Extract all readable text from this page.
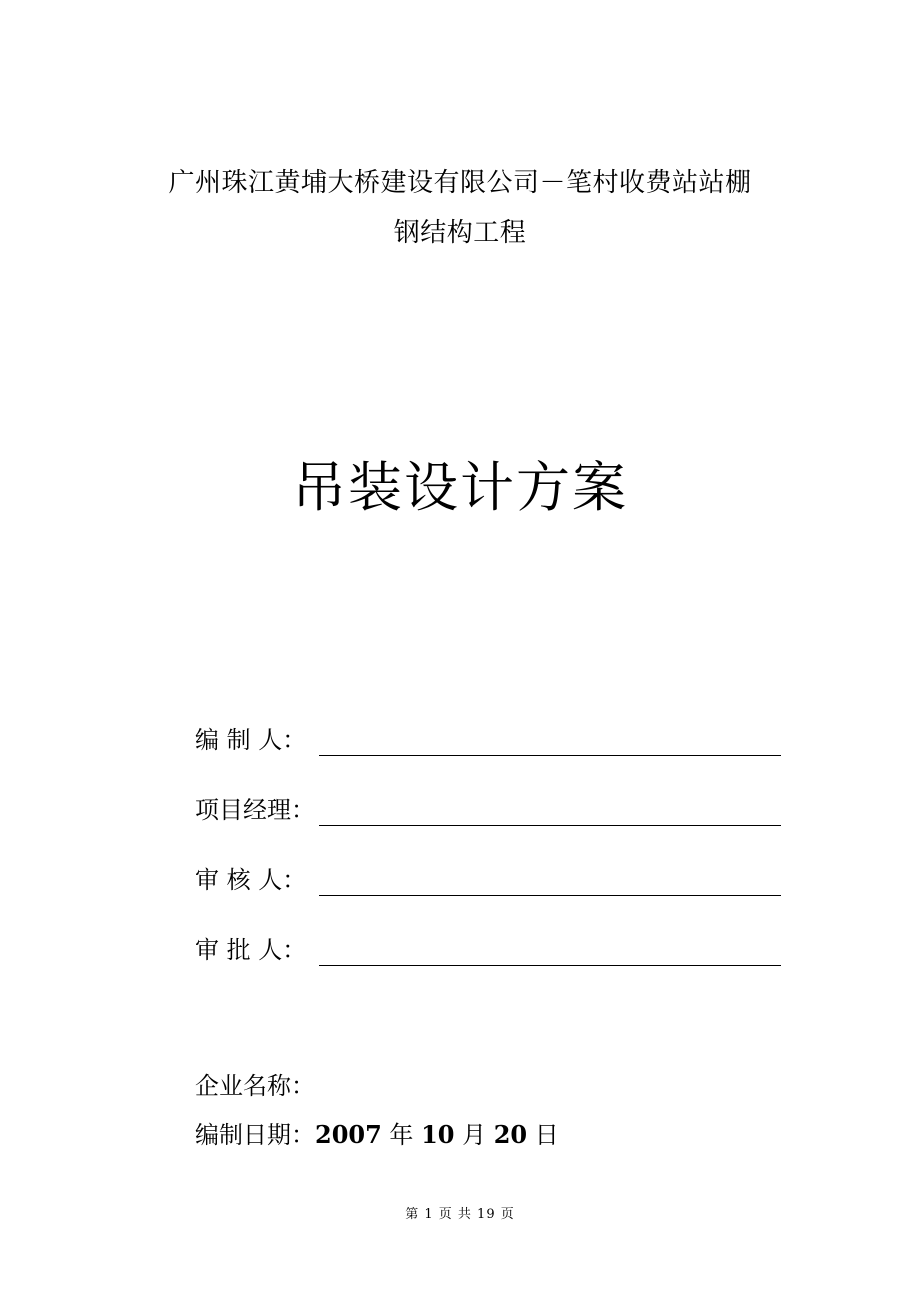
广州珠江黄埔大桥建设有限公司－笔村收费站站棚
钢结构工程
吊装设计方案
编 制 人：
项目经理：
审 核 人：
审 批 人：
企业名称：
编制日期：2007 年 10 月 20 日
第 1 页 共 19 页
